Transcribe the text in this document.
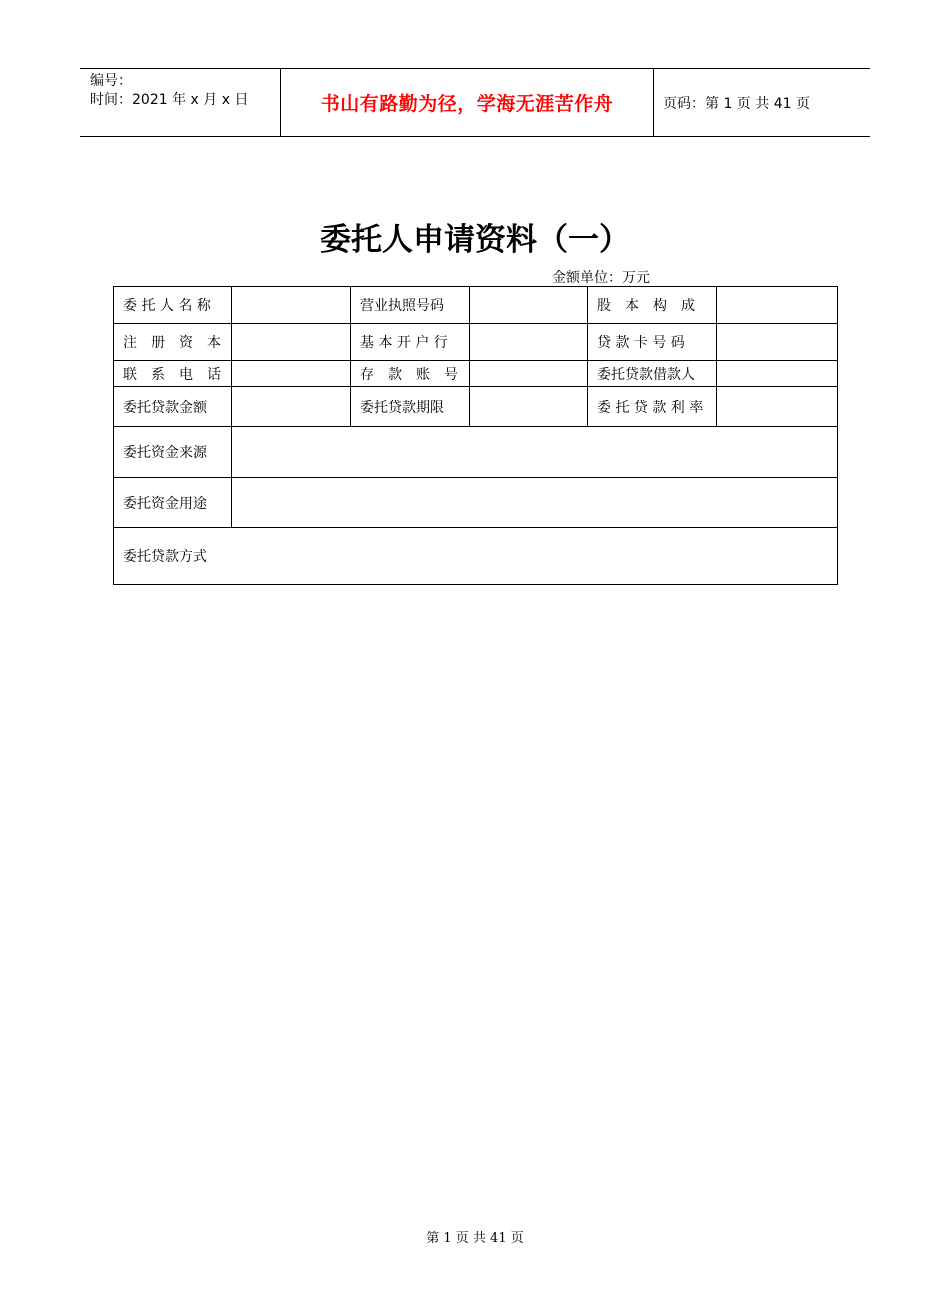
编号：
时间：2021 年 x 月 x 日	书山有路勤为径，学海无涯苦作舟	页码：第 1 页 共 41 页
委托人申请资料（一）
金额单位：万元
委 托 人 名 称		营业执照号码		股　本　构　成	
注　册　资　本		基 本 开 户 行		贷 款 卡 号 码	
联　系　电　话		存　款　账　号		委托贷款借款人	
委托贷款金额		委托贷款期限		委 托 贷 款 利 率	
委托资金来源					
委托资金用途					
委托贷款方式					
第 1 页 共 41 页
